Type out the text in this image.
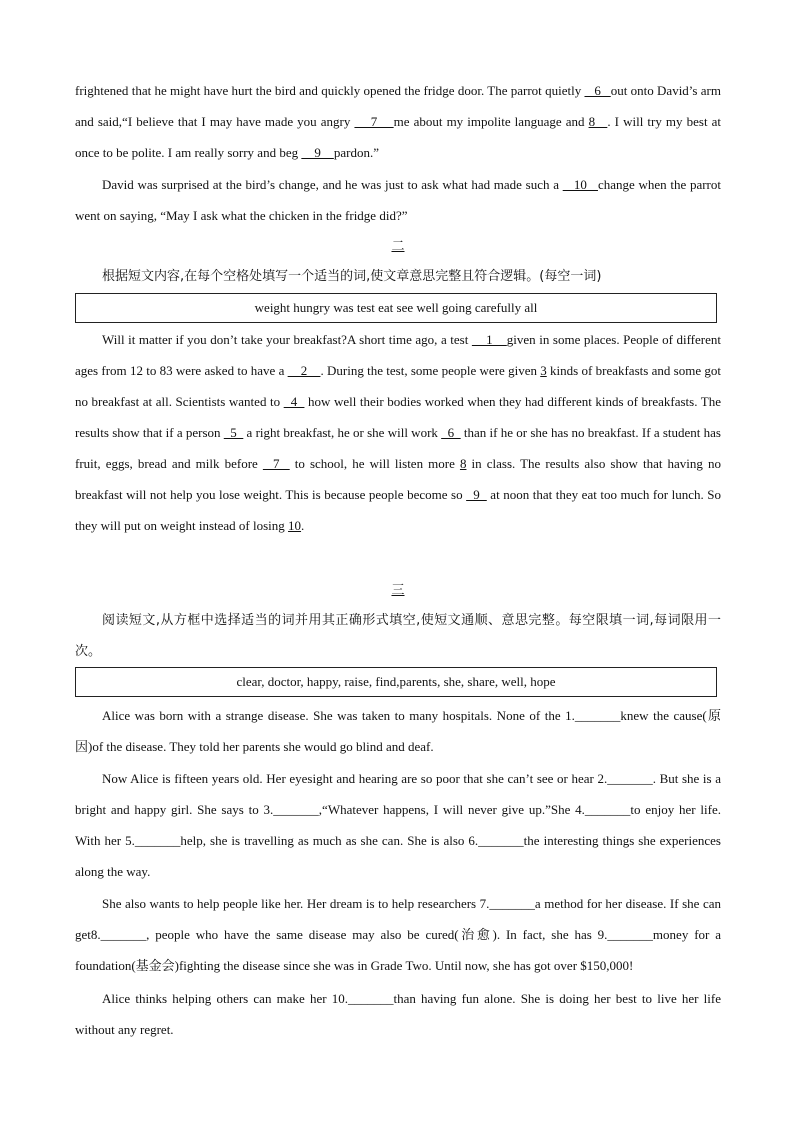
frightened that he might have hurt the bird and quickly opened the fridge door. The parrot quietly    6   out onto David’s arm and said,“I believe that I may have made you angry     7    me about my impolite language and 8   . I will try my best at once to be polite. I am really sorry and beg     9    pardon.”

David was surprised at the bird’s change, and he was just to ask what had made such a    10   change when the parrot went on saying, “May I ask what the chicken in the fridge did?”

二

根据短文内容,在每个空格处填写一个适当的词,使文章意思完整且符合逻辑。(每空一词)

weight hungry was test eat see well going carefully all

Will it matter if you don’t take your breakfast?A short time ago, a test     1    given in some places. People of different ages from 12 to 83 were asked to have a     2    . During the test, some people were given 3 kinds of breakfasts and some got no breakfast at all. Scientists wanted to   4   how well their bodies worked when they had different kinds of breakfasts. The results show that if a person   5   a right breakfast, he or she will work   6   than if he or she has no breakfast. If a student has fruit, eggs, bread and milk before   7   to school, he will listen more 8 in class. The results also show that having no breakfast will not help you lose weight. This is because people become so   9   at noon that they eat too much for lunch. So they will put on weight instead of losing 10.

三

阅读短文,从方框中选择适当的词并用其正确形式填空,使短文通顺、意思完整。每空限填一词,每词限用一次。

clear, doctor, happy, raise, find,parents, she, share, well, hope

Alice was born with a strange disease. She was taken to many hospitals. None of the 1._______knew the cause(原因)of the disease. They told her parents she would go blind and deaf.

Now Alice is fifteen years old. Her eyesight and hearing are so poor that she can’t see or hear 2._______. But she is a bright and happy girl. She says to 3._______,“Whatever happens, I will never give up.”She 4._______to enjoy her life. With her 5._______help, she is travelling as much as she can. She is also 6._______the interesting things she experiences along the way.

She also wants to help people like her. Her dream is to help researchers 7._______a method for her disease. If she can get8._______, people who have the same disease may also be cured(治愈). In fact, she has 9._______money for a foundation(基金会)fighting the disease since she was in Grade Two. Until now, she has got over $150,000!

Alice thinks helping others can make her 10._______than having fun alone. She is doing her best to live her life without any regret.
